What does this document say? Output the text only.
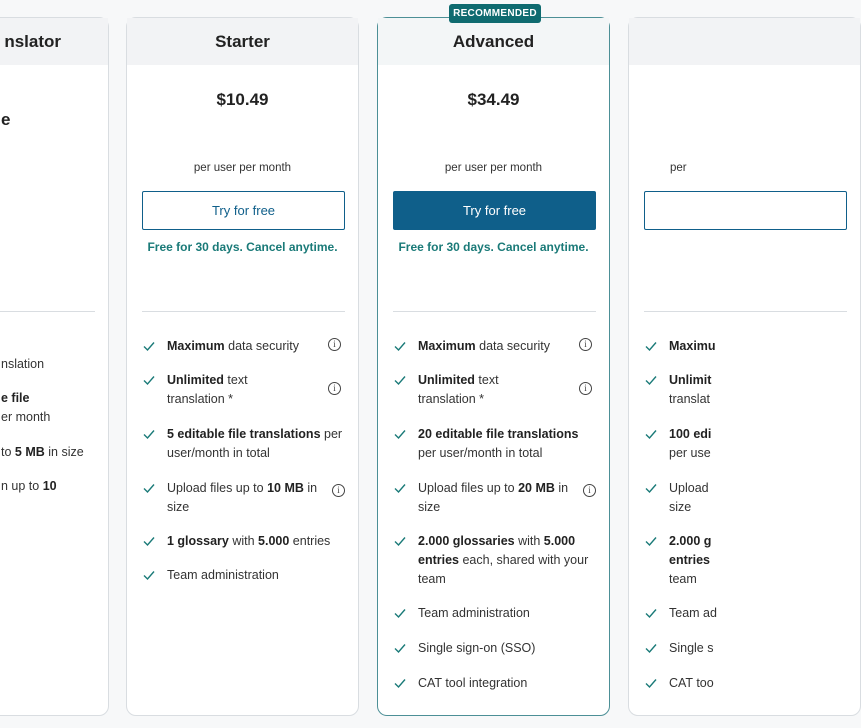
nslator
e
nslation
e file
er month
to 5 MB in size
n up to 10
Starter
$10.49
per user per month
Try for free
Free for 30 days. Cancel anytime.
Maximum data security	i
Unlimited text translation *
i
5 editable file translations per user/month in total
Upload files up to 10 MB in size
i
1 glossary with 5.000 entries
Team administration
RECOMMENDED
Advanced
$34.49
per user per month
Try for free
Free for 30 days. Cancel anytime.
Maximum data security	i
Unlimited text translation *
i
20 editable file translations per user/month in total
Upload files up to 20 MB in size
i
2.000 glossaries with 5.000 entries each, shared with your team
Team administration
Single sign-on (SSO)
CAT tool integration
per
Maximu
Unlimit
translat
100 edi
per use
Upload
size
2.000 g
entries
team
Team ad
Single s
CAT too
